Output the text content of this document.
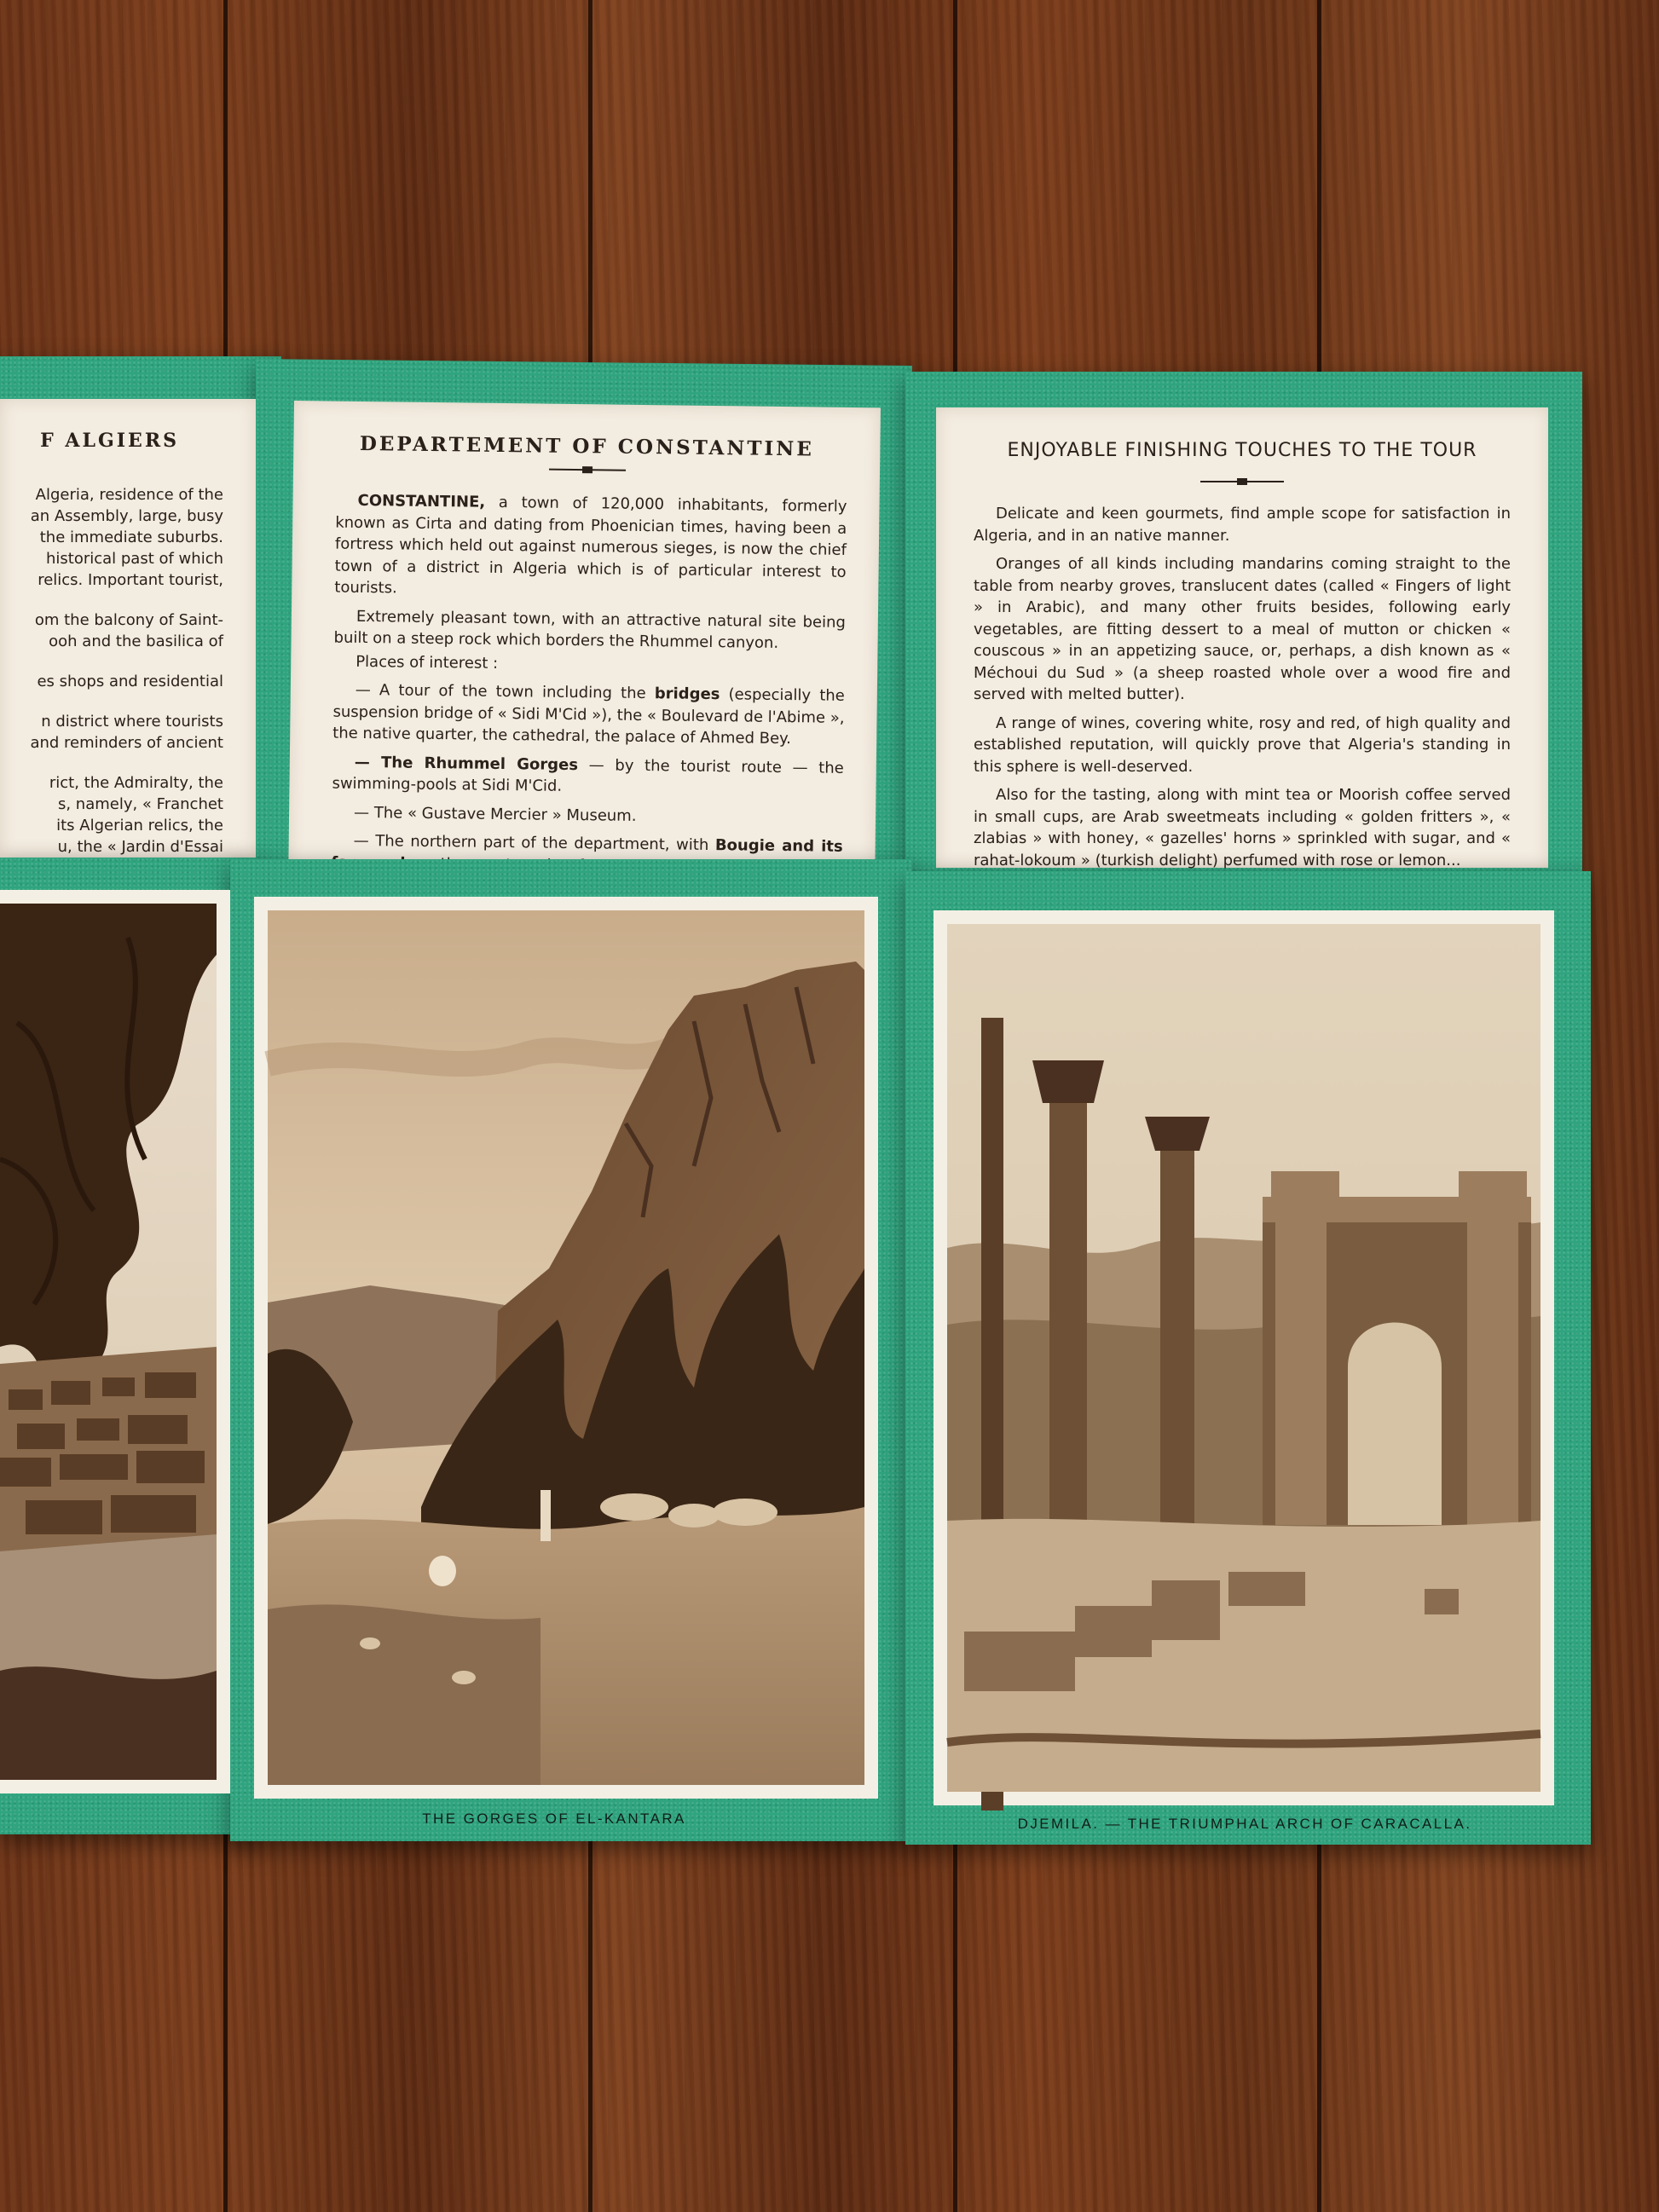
F ALGIERS
Algeria, residence of the
an Assembly, large, busy
the immediate suburbs.
historical past of which
relics. Important tourist,
om the balcony of Saint-
ooh and the basilica of
es shops and residential
n district where tourists
and reminders of ancient
rict, the Admiralty, the
s, namely, « Franchet
its Algerian relics, the
u, the « Jardin d'Essai
DEPARTEMENT OF CONSTANTINE

CONSTANTINE, a town of 120,000 inhabitants, formerly known as Cirta and dating from Phoenician times, having been a fortress which held out against numerous sieges, is now the chief town of a district in Algeria which is of particular interest to tourists.

Extremely pleasant town, with an attractive natural site being built on a steep rock which borders the Rhummel canyon.

Places of interest :

— A tour of the town including the bridges (especially the suspension bridge of « Sidi M'Cid »), the « Boulevard de l'Abime », the native quarter, the cathedral, the palace of Ahmed Bey.

— The Rhummel Gorges — by the tourist route — the swimming-pools at Sidi M'Cid.

— The « Gustave Mercier » Museum.

— The northern part of the department, with Bougie and its

ENJOYABLE FINISHING TOUCHES TO THE TOUR

Delicate and keen gourmets, find ample scope for satisfaction in Algeria, and in an native manner.

Oranges of all kinds including mandarins coming straight to the table from nearby groves, translucent dates (called « Fingers of light » in Arabic), and many other fruits besides, following early vegetables, are fitting dessert to a meal of mutton or chicken « couscous » in an appetizing sauce, or, perhaps, a dish known as « Méchoui du Sud » (a sheep roasted whole over a wood fire and served with melted butter).

A range of wines, covering white, rosy and red, of high quality and established reputation, will quickly prove that Algeria's standing in this sphere is well-deserved.

Also for the tasting, along with mint tea or Moorish coffee served in small cups, are Arab sweetmeats including « golden fritters », « zlabias » with honey, « gazelles' horns » sprinkled with sugar, and « rahat-lokoum » (turkish delight) perfumed with rose or lemon...

THE GORGES OF EL-KANTARA	DJEMILA. — THE TRIUMPHAL ARCH OF CARACALLA.
